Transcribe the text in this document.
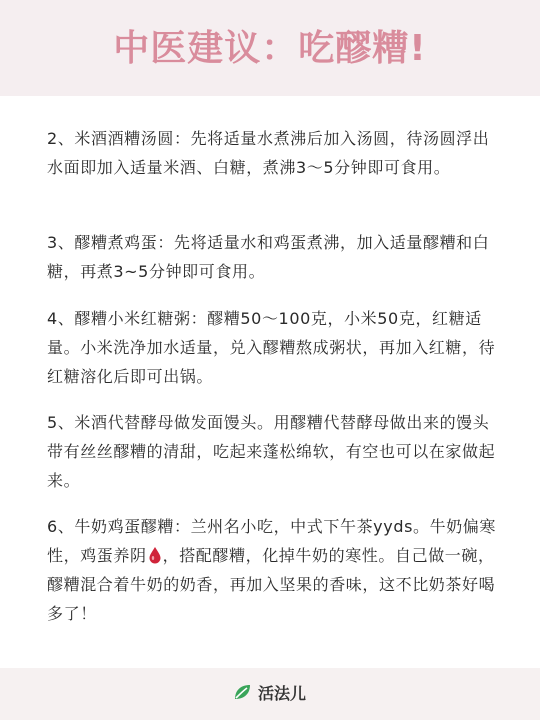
中医建议：吃醪糟!

2、米酒酒糟汤圆：先将适量水煮沸后加入汤圆，待汤圆浮出水面即加入适量米酒、白糖，煮沸3～5分钟即可食用。

3、醪糟煮鸡蛋：先将适量水和鸡蛋煮沸，加入适量醪糟和白糖，再煮3~5分钟即可食用。

4、醪糟小米红糖粥：醪糟50～100克，小米50克，红糖适量。小米洗净加水适量，兑入醪糟熬成粥状，再加入红糖，待红糖溶化后即可出锅。

5、米酒代替酵母做发面馒头。用醪糟代替酵母做出来的馒头带有丝丝醪糟的清甜，吃起来蓬松绵软，有空也可以在家做起来。

6、牛奶鸡蛋醪糟：兰州名小吃，中式下午茶yyds。牛奶偏寒性，鸡蛋养阴 ，搭配醪糟，化掉牛奶的寒性。自己做一碗，醪糟混合着牛奶的奶香，再加入坚果的香味，这不比奶茶好喝多了！

活法儿
